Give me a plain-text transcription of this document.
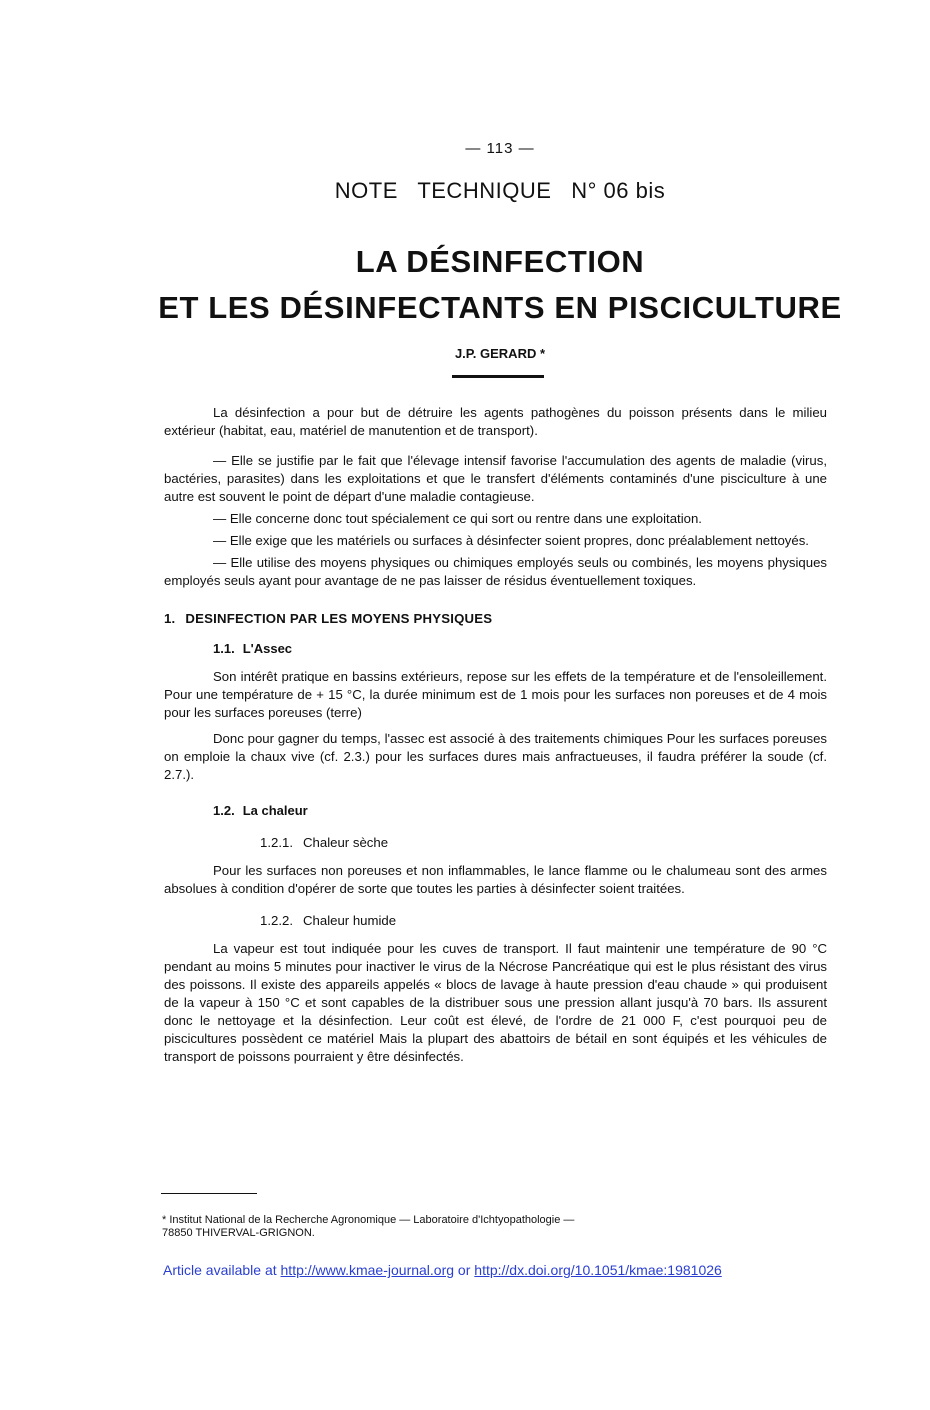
— 113 —
NOTE   TECHNIQUE   N° 06 bis
LA DÉSINFECTION
ET LES DÉSINFECTANTS EN PISCICULTURE
J.P. GERARD *

La désinfection a pour but de détruire les agents pathogènes du poisson présents dans le milieu extérieur (habitat, eau, matériel de manutention et de transport).

— Elle se justifie par le fait que l'élevage intensif favorise l'accumulation des agents de maladie (virus, bactéries, parasites) dans les exploitations et que le transfert d'éléments contaminés d'une pisciculture à une autre est souvent le point de départ d'une maladie contagieuse.

— Elle concerne donc tout spécialement ce qui sort ou rentre dans une exploitation.

— Elle exige que les matériels ou surfaces à désinfecter soient propres, donc préalablement nettoyés.

— Elle utilise des moyens physiques ou chimiques employés seuls ou combinés, les moyens physiques employés seuls ayant pour avantage de ne pas laisser de résidus éventuellement toxiques.

1. DESINFECTION PAR LES MOYENS PHYSIQUES
1.1. L'Assec

Son intérêt pratique en bassins extérieurs, repose sur les effets de la température et de l'ensoleillement. Pour une température de + 15 °C, la durée minimum est de 1 mois pour les surfaces non poreuses et de 4 mois pour les surfaces poreuses (terre)

Donc pour gagner du temps, l'assec est associé à des traitements chimiques Pour les surfaces poreuses on emploie la chaux vive (cf. 2.3.) pour les surfaces dures mais anfractueuses, il faudra préférer la soude (cf. 2.7.).

1.2. La chaleur
1.2.1. Chaleur sèche

Pour les surfaces non poreuses et non inflammables, le lance flamme ou le chalumeau sont des armes absolues à condition d'opérer de sorte que toutes les parties à désinfecter soient traitées.

1.2.2. Chaleur humide

La vapeur est tout indiquée pour les cuves de transport. Il faut maintenir une température de 90 °C pendant au moins 5 minutes pour inactiver le virus de la Nécrose Pancréatique qui est le plus résistant des virus des poissons. Il existe des appareils appelés « blocs de lavage à haute pression d'eau chaude » qui produisent de la vapeur à 150 °C et sont capables de la distribuer sous une pression allant jusqu'à 70 bars. Ils assurent donc le nettoyage et la désinfection. Leur coût est élevé, de l'ordre de 21 000 F, c'est pourquoi peu de piscicultures possèdent ce matériel Mais la plupart des abattoirs de bétail en sont équipés et les véhicules de transport de poissons pourraient y être désinfectés.

* Institut National de la Recherche Agronomique — Laboratoire d'Ichtyopathologie —
78850 THIVERVAL-GRIGNON.
Article available at http://www.kmae-journal.org or http://dx.doi.org/10.1051/kmae:1981026
